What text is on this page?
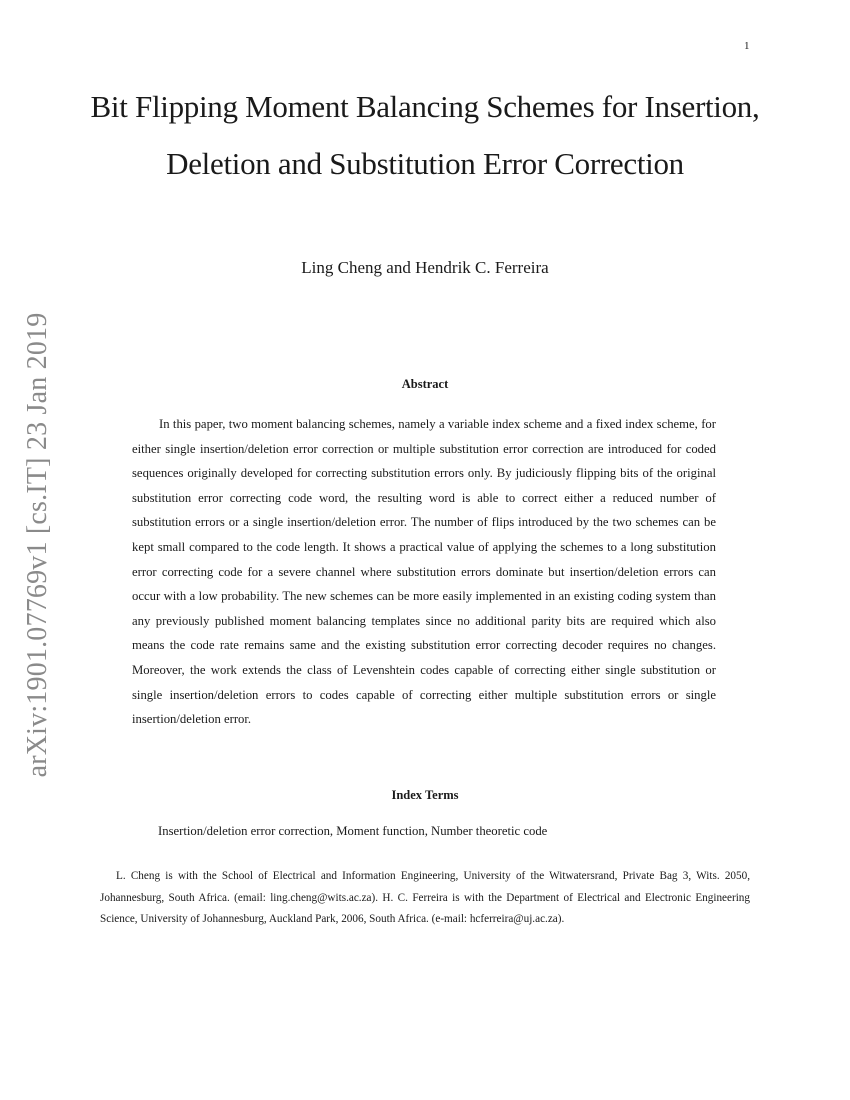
1
arXiv:1901.07769v1 [cs.IT] 23 Jan 2019
Bit Flipping Moment Balancing Schemes for Insertion, Deletion and Substitution Error Correction
Ling Cheng and Hendrik C. Ferreira
Abstract

In this paper, two moment balancing schemes, namely a variable index scheme and a fixed index scheme, for either single insertion/deletion error correction or multiple substitution error correction are introduced for coded sequences originally developed for correcting substitution errors only. By judiciously flipping bits of the original substitution error correcting code word, the resulting word is able to correct either a reduced number of substitution errors or a single insertion/deletion error. The number of flips introduced by the two schemes can be kept small compared to the code length. It shows a practical value of applying the schemes to a long substitution error correcting code for a severe channel where substitution errors dominate but insertion/deletion errors can occur with a low probability. The new schemes can be more easily implemented in an existing coding system than any previously published moment balancing templates since no additional parity bits are required which also means the code rate remains same and the existing substitution error correcting decoder requires no changes. Moreover, the work extends the class of Levenshtein codes capable of correcting either single substitution or single insertion/deletion errors to codes capable of correcting either multiple substitution errors or single insertion/deletion error.

Index Terms
Insertion/deletion error correction, Moment function, Number theoretic code

L. Cheng is with the School of Electrical and Information Engineering, University of the Witwatersrand, Private Bag 3, Wits. 2050, Johannesburg, South Africa. (email: ling.cheng@wits.ac.za). H. C. Ferreira is with the Department of Electrical and Electronic Engineering Science, University of Johannesburg, Auckland Park, 2006, South Africa. (e-mail: hcferreira@uj.ac.za).
